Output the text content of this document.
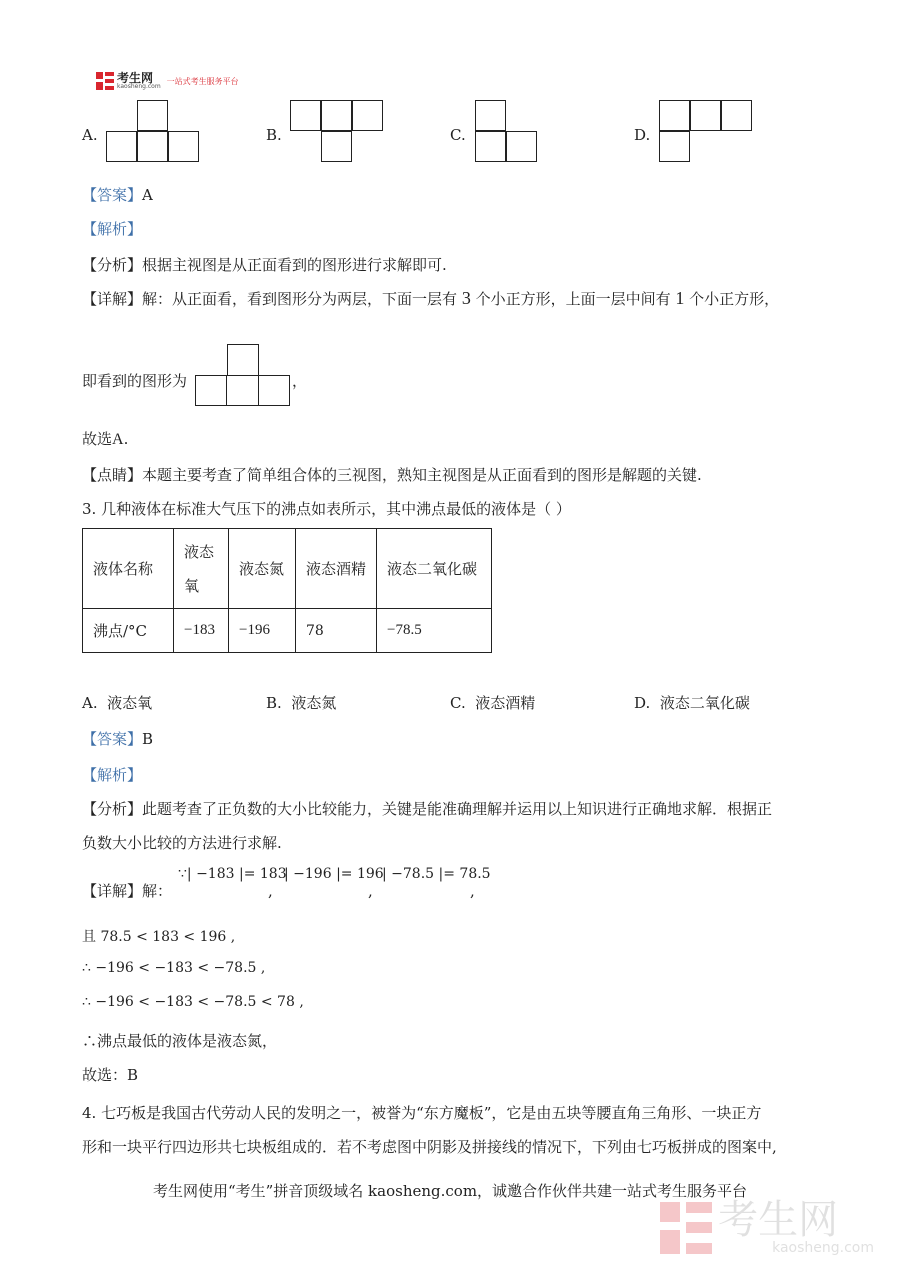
考生网
kaosheng.com
一站式考生服务平台
A.	B.	C.	D.
【答案】A
【解析】
【分析】根据主视图是从正面看到的图形进行求解即可.
【详解】解：从正面看，看到图形分为两层，下面一层有 3 个小正方形，上面一层中间有 1 个小正方形，
即看到的图形为	，
故选A.
【点睛】本题主要考查了简单组合体的三视图，熟知主视图是从正面看到的图形是解题的关键.
3. 几种液体在标准大气压下的沸点如表所示，其中沸点最低的液体是（ ）
液体名称	液态氧	液态氮	液态酒精	液态二氧化碳
沸点/°C	−183	−196	78	−78.5
A. 液态氧	B. 液态氮	C. 液态酒精	D. 液态二氧化碳
【答案】B
【解析】
【分析】此题考查了正负数的大小比较能力，关键是能准确理解并运用以上知识进行正确地求解．根据正
负数大小比较的方法进行求解.
【详解】解：
∵| −183 |= 183
,
| −196 |= 196
,
| −78.5 |= 78.5
,
且 78.5 < 183 < 196 ,
∴ −196 < −183 < −78.5 ,
∴ −196 < −183 < −78.5 < 78 ,
∴沸点最低的液体是液态氮，
故选：B
4. 七巧板是我国古代劳动人民的发明之一，被誉为“东方魔板”，它是由五块等腰直角三角形、一块正方
形和一块平行四边形共七块板组成的．若不考虑图中阴影及拼接线的情况下，下列由七巧板拼成的图案中,
考生网使用“考生”拼音顶级域名 kaosheng.com，诚邀合作伙伴共建一站式考生服务平台
考生网
kaosheng.com
